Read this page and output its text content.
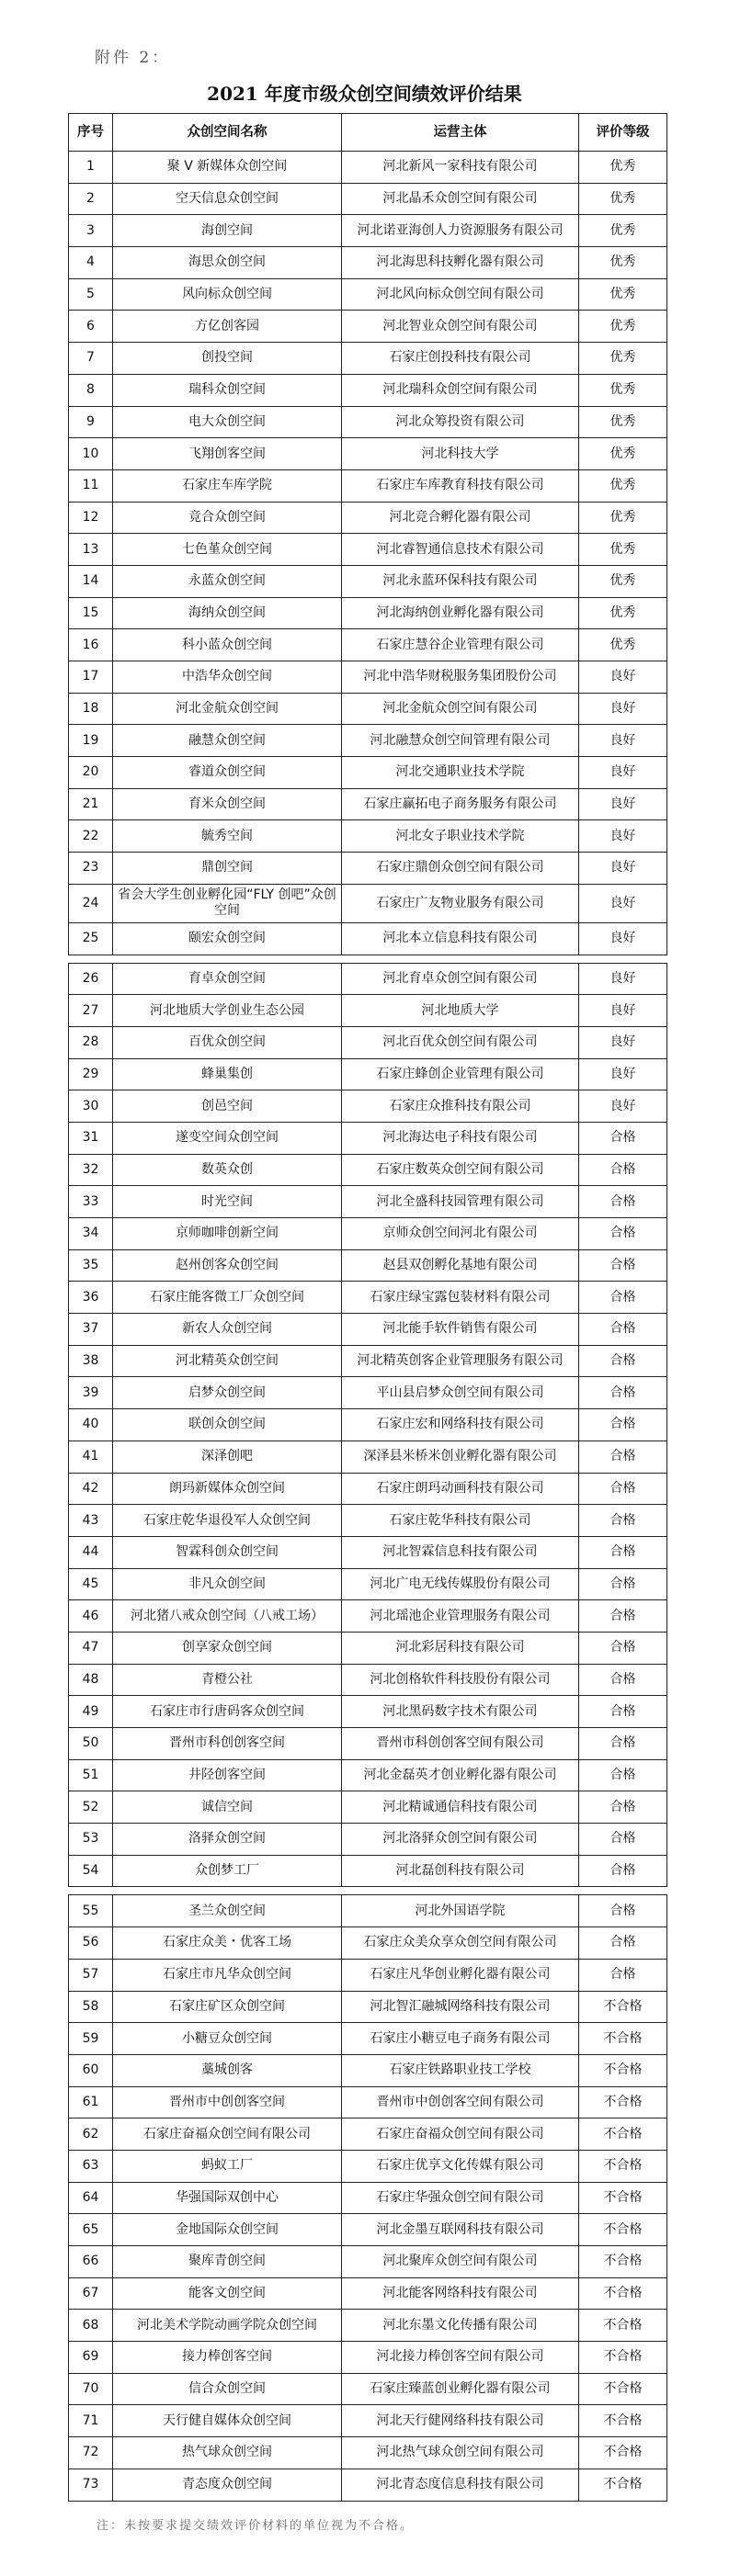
附件 2：
2021 年度市级众创空间绩效评价结果
序号	众创空间名称	运营主体	评价等级
1	聚 V 新媒体众创空间	河北新风一家科技有限公司	优秀
2	空天信息众创空间	河北晶禾众创空间有限公司	优秀
3	海创空间	河北诺亚海创人力资源服务有限公司	优秀
4	海思众创空间	河北海思科技孵化器有限公司	优秀
5	风向标众创空间	河北风向标众创空间有限公司	优秀
6	方亿创客园	河北智业众创空间有限公司	优秀
7	创投空间	石家庄创投科技有限公司	优秀
8	瑞科众创空间	河北瑞科众创空间有限公司	优秀
9	电大众创空间	河北众筹投资有限公司	优秀
10	飞翔创客空间	河北科技大学	优秀
11	石家庄车库学院	石家庄车库教育科技有限公司	优秀
12	竞合众创空间	河北竞合孵化器有限公司	优秀
13	七色堇众创空间	河北睿智通信息技术有限公司	优秀
14	永蓝众创空间	河北永蓝环保科技有限公司	优秀
15	海纳众创空间	河北海纳创业孵化器有限公司	优秀
16	科小蓝众创空间	石家庄慧谷企业管理有限公司	优秀
17	中浩华众创空间	河北中浩华财税服务集团股份公司	良好
18	河北金航众创空间	河北金航众创空间有限公司	良好
19	融慧众创空间	河北融慧众创空间管理有限公司	良好
20	睿道众创空间	河北交通职业技术学院	良好
21	育米众创空间	石家庄赢拓电子商务服务有限公司	良好
22	毓秀空间	河北女子职业技术学院	良好
23	鼎创空间	石家庄鼎创众创空间有限公司	良好
24	省会大学生创业孵化园“FLY 创吧”众创空间	石家庄广友物业服务有限公司	良好
25	颐宏众创空间	河北本立信息科技有限公司	良好
26	育卓众创空间	河北育卓众创空间有限公司	良好
27	河北地质大学创业生态公园	河北地质大学	良好
28	百优众创空间	河北百优众创空间有限公司	良好
29	蜂巢集创	石家庄蜂创企业管理有限公司	良好
30	创邑空间	石家庄众推科技有限公司	良好
31	遂变空间众创空间	河北海达电子科技有限公司	合格
32	数英众创	石家庄数英众创空间有限公司	合格
33	时光空间	河北全盛科技园管理有限公司	合格
34	京师咖啡创新空间	京师众创空间河北有限公司	合格
35	赵州创客众创空间	赵县双创孵化基地有限公司	合格
36	石家庄能客微工厂众创空间	石家庄绿宝露包装材料有限公司	合格
37	新农人众创空间	河北能手软件销售有限公司	合格
38	河北精英众创空间	河北精英创客企业管理服务有限公司	合格
39	启梦众创空间	平山县启梦众创空间有限公司	合格
40	联创众创空间	石家庄宏和网络科技有限公司	合格
41	深泽创吧	深泽县米桥米创业孵化器有限公司	合格
42	朗玛新媒体众创空间	石家庄朗玛动画科技有限公司	合格
43	石家庄乾华退役军人众创空间	石家庄乾华科技有限公司	合格
44	智霖科创众创空间	河北智霖信息科技有限公司	合格
45	非凡众创空间	河北广电无线传媒股份有限公司	合格
46	河北猪八戒众创空间（八戒工场）	河北瑶池企业管理服务有限公司	合格
47	创享家众创空间	河北彩居科技有限公司	合格
48	青橙公社	河北创格软件科技股份有限公司	合格
49	石家庄市行唐码客众创空间	河北黑码数字技术有限公司	合格
50	晋州市科创创客空间	晋州市科创创客空间有限公司	合格
51	井陉创客空间	河北金磊英才创业孵化器有限公司	合格
52	诚信空间	河北精诚通信科技有限公司	合格
53	洛驿众创空间	河北洛驿众创空间有限公司	合格
54	众创梦工厂	河北磊创科技有限公司	合格
55	圣兰众创空间	河北外国语学院	合格
56	石家庄众美・优客工场	石家庄众美众享众创空间有限公司	合格
57	石家庄市凡华众创空间	石家庄凡华创业孵化器有限公司	合格
58	石家庄矿区众创空间	河北智汇融城网络科技有限公司	不合格
59	小糖豆众创空间	石家庄小糖豆电子商务有限公司	不合格
60	藁城创客	石家庄铁路职业技工学校	不合格
61	晋州市中创创客空间	晋州市中创创客空间有限公司	不合格
62	石家庄奋福众创空间有限公司	石家庄奋福众创空间有限公司	不合格
63	蚂蚁工厂	石家庄优享文化传媒有限公司	不合格
64	华强国际双创中心	石家庄华强众创空间有限公司	不合格
65	金地国际众创空间	河北金墨互联网科技有限公司	不合格
66	聚库青创空间	河北聚库众创空间有限公司	不合格
67	能客文创空间	河北能客网络科技有限公司	不合格
68	河北美术学院动画学院众创空间	河北东墨文化传播有限公司	不合格
69	接力棒创客空间	河北接力棒创客空间有限公司	不合格
70	信合众创空间	石家庄臻蓝创业孵化器有限公司	不合格
71	天行健自媒体众创空间	河北天行健网络科技有限公司	不合格
72	热气球众创空间	河北热气球众创空间有限公司	不合格
73	青态度众创空间	河北青态度信息科技有限公司	不合格
注：未按要求提交绩效评价材料的单位视为不合格。
